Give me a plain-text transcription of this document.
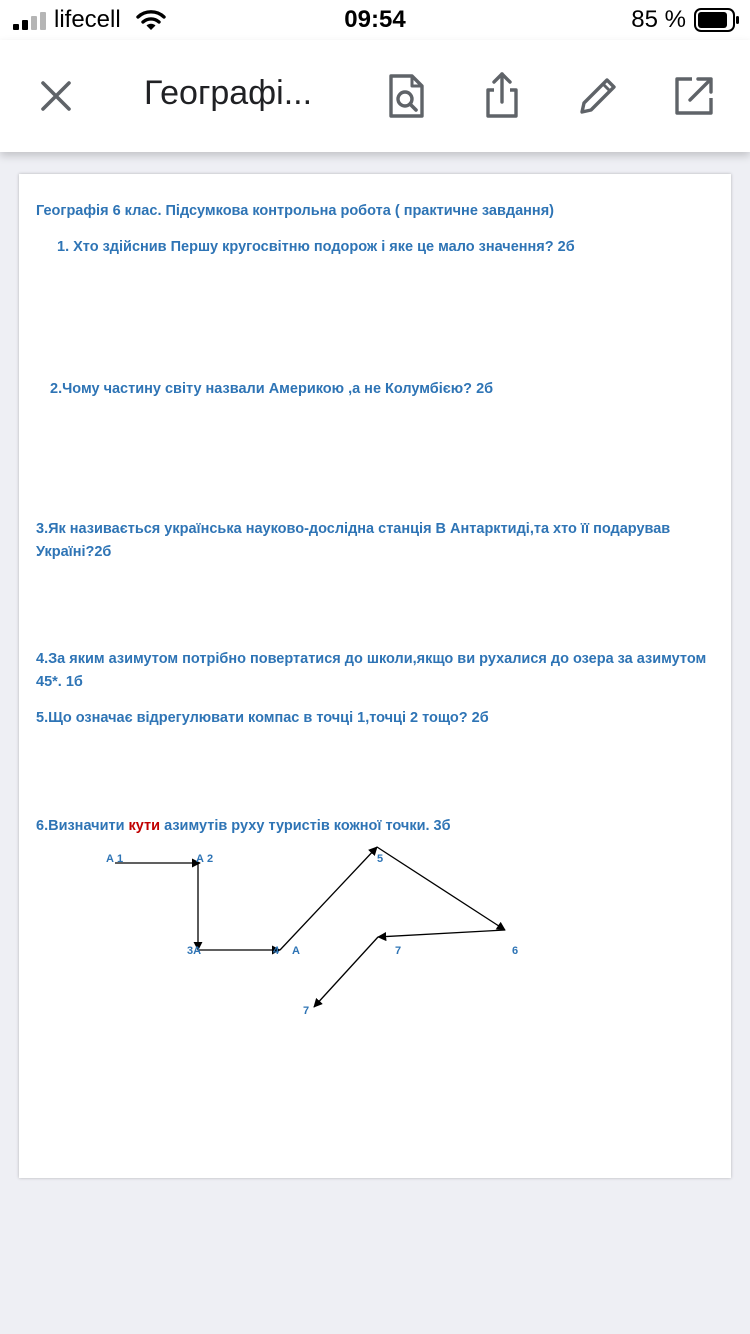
lifecell	09:54	85 %
Географі...

Географія 6 клас. Підсумкова контрольна робота ( практичне завдання)

1. Хто здійснив Першу кругосвітню подорож і яке це мало значення? 2б

2.Чому частину світу назвали Америкою ,а не Колумбією? 2б

3.Як називається українська науково-дослідна станція В Антарктиді,та хто її подарував Україні?2б

4.За яким азимутом потрібно повертатися до школи,якщо ви рухалися до озера за азимутом 45*. 1б

5.Що означає відрегулювати компас в точці 1,точці 2 тощо? 2б

6.Визначити кути азимутів руху туристів кожної точки. 3б

А 1	А 2
3А	4 А
5
6
7
7
